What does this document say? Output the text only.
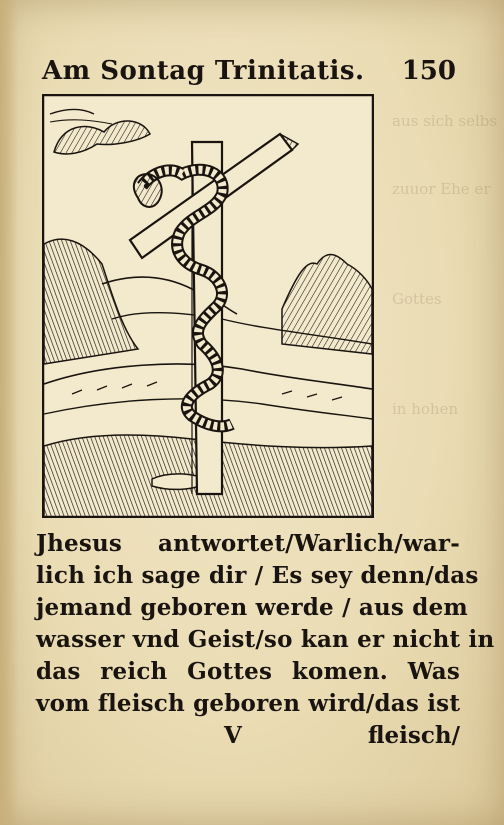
aus sich selbs
zuuor Ehe er
Gottes
in hohen
Am Sontag Trinitatis. 150
Jhesus antwortet/Warlich/war-
lich ich sage dir / Es sey denn/das
jemand geboren werde / aus dem
wasser vnd Geist/so kan er nicht in
das reich Gottes komen. Was
vom fleisch geboren wird/das ist
V	fleisch/
